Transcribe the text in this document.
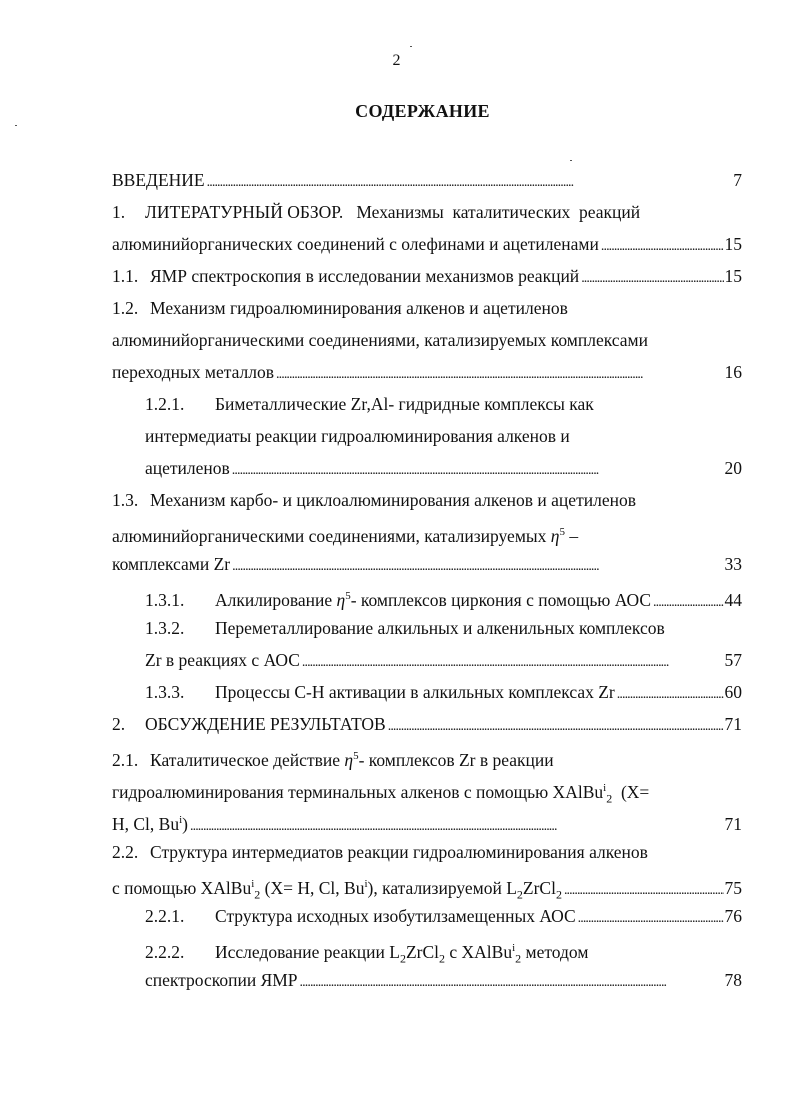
2
СОДЕРЖАНИЕ
ВВЕДЕНИЕ . . .	7
1. ЛИТЕРАТУРНЫЙ ОБЗОР.   Механизмы  каталитических  реакций
алюминийорганических соединений с олефинами и ацетиленами . . .	15
1.1. ЯМР спектроскопия в исследовании механизмов реакций . . .	15
1.2. Механизм гидроалюминирования алкенов и ацетиленов
алюминийорганическими соединениями, катализируемых комплексами
переходных металлов . . .	16
1.2.1. Биметаллические Zr,Al- гидридные комплексы как
интермедиаты реакции гидроалюминирования алкенов и
ацетиленов . . .	20
1.3. Механизм карбо- и циклоалюминирования алкенов и ацетиленов
алюминийорганическими соединениями, катализируемых $\eta^5$ –
комплексами Zr . . .	33
1.3.1. Алкилирование $\eta^5-$ комплексов циркония с помощью АОС . . .	44
1.3.2. Переметаллирование алкильных и алкенильных комплексов
Zr в реакциях с АОС . . .	57
1.3.3. Процессы С-Н активации в алкильных комплексах Zr . . .	60
2. ОБСУЖДЕНИЕ РЕЗУЛЬТАТОВ . . .	71
2.1. Каталитическое действие $\eta^5-$ комплексов Zr в реакции
гидроалюминирования терминальных алкенов с помощью XAlBu$^i_2$  (X=
H, Cl, Bu$^i$) . . .	71
2.2. Структура интермедиатов реакции гидроалюминирования алкенов
с помощью XAlBu$^i_2$ (X= H, Cl, Bu$^i$), катализируемой $L_2ZrCl_2$ . . .	75
2.2.1. Структура исходных изобутилзамещенных АОС . . .	76
2.2.2. Исследование реакции $L_2ZrCl_2$ с XAlBu$^i_2$ методом
спектроскопии ЯМР . . .	78
